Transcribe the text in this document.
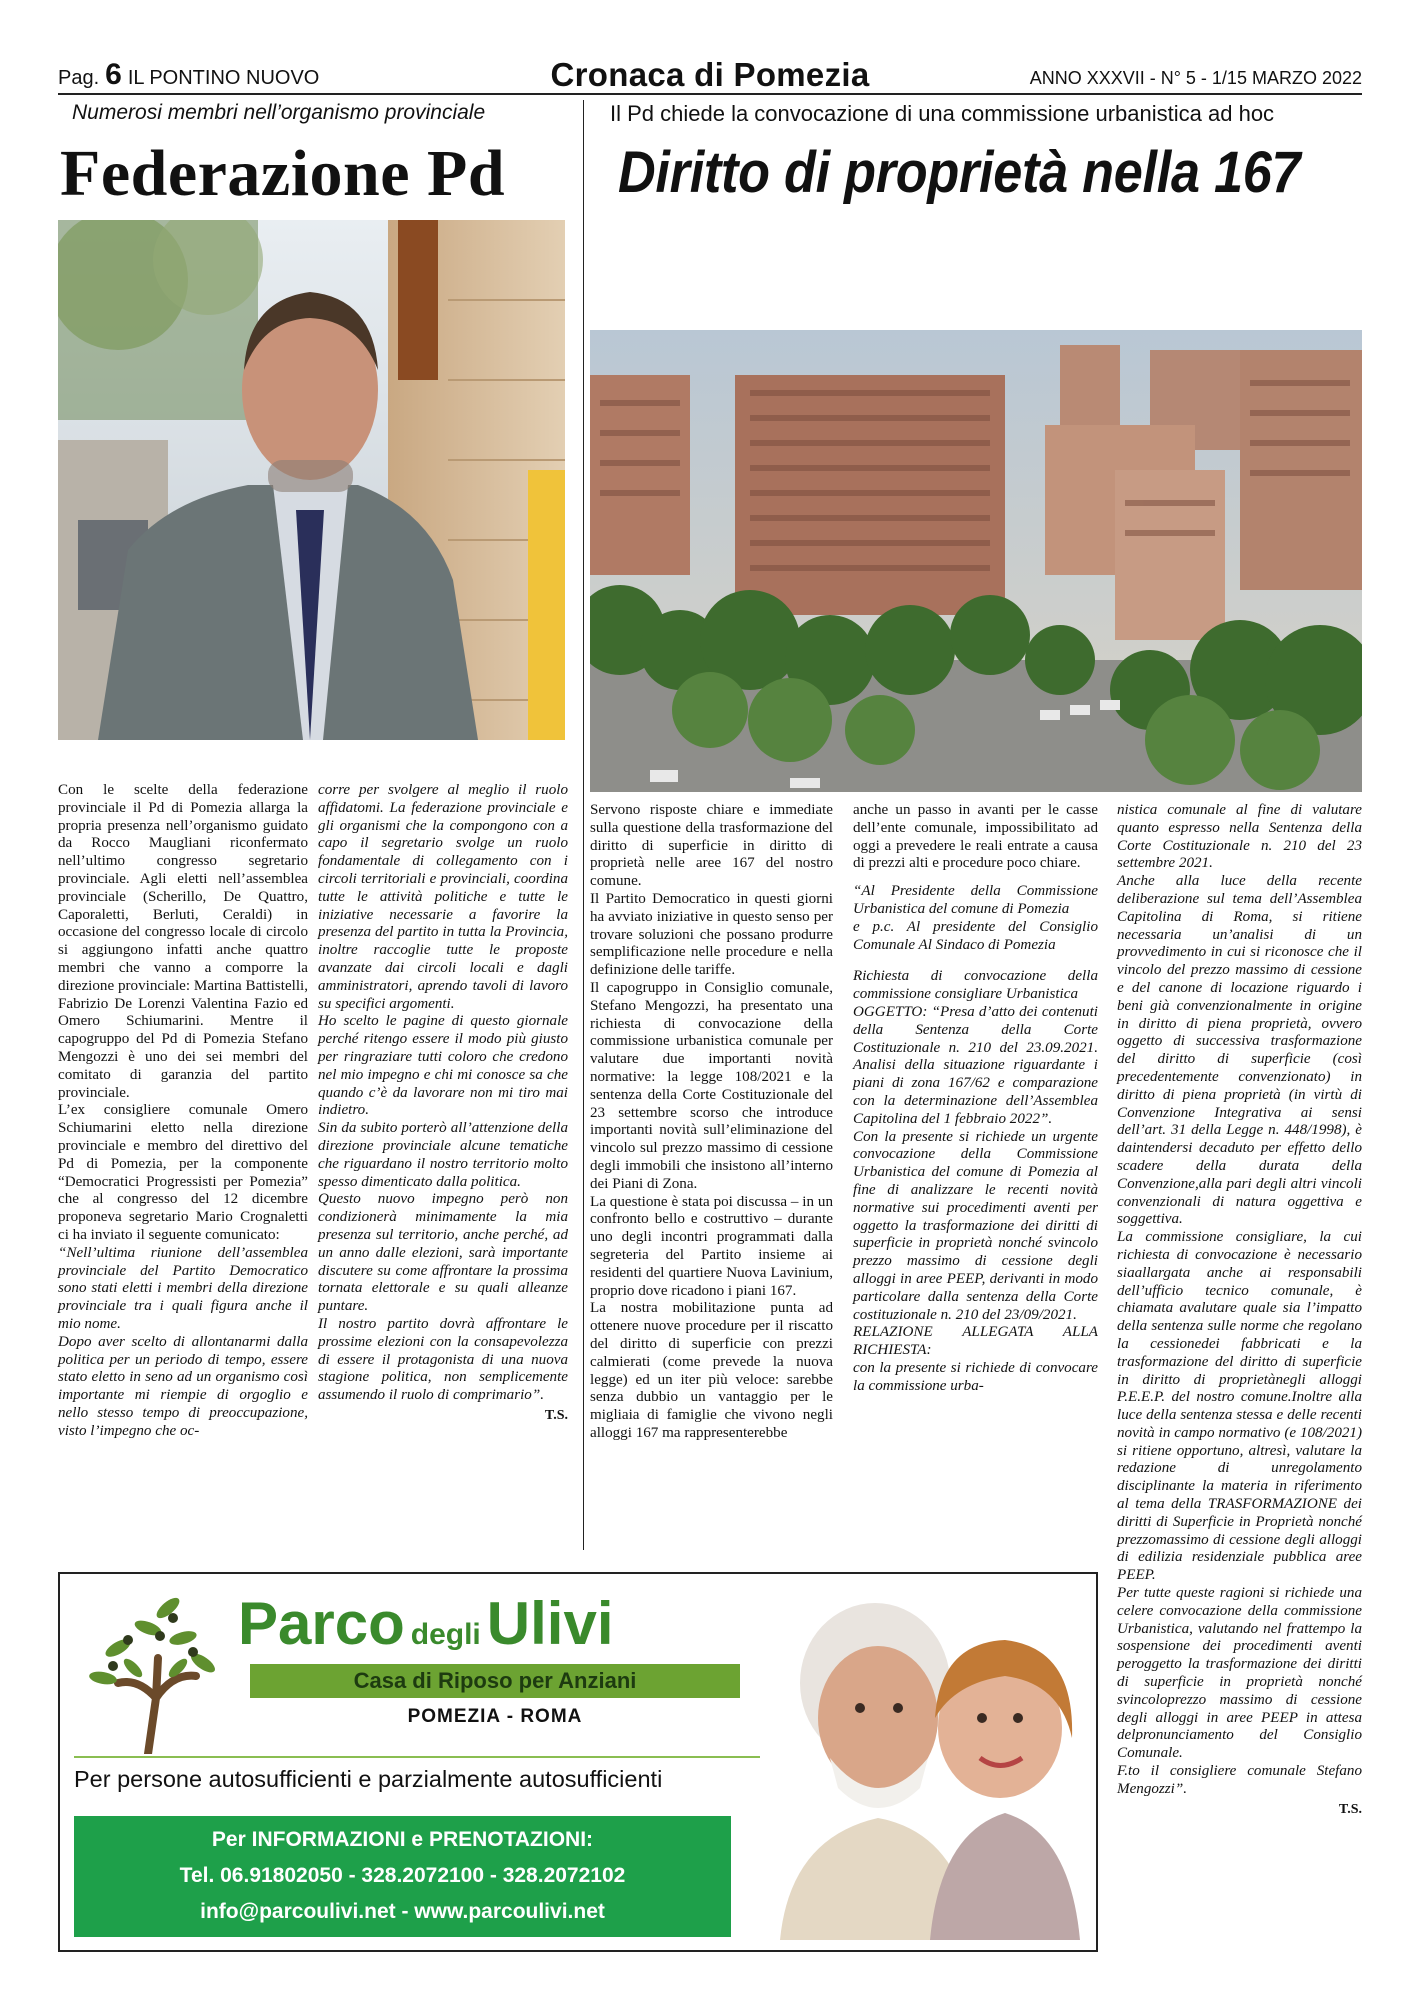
Pag. 6 IL PONTINO NUOVO	Cronaca di Pomezia	ANNO XXXVII - N° 5 - 1/15 MARZO 2022
Numerosi membri nell’organismo provinciale
Federazione Pd

Con le scelte della federazione provinciale il Pd di Pomezia allarga la propria presenza nell’organismo guidato da Rocco Maugliani riconfermato nell’ultimo congresso segretario provinciale. Agli eletti nell’assemblea provinciale (Scherillo, De Quattro, Caporaletti, Berluti, Ceraldi) in occasione del congresso locale di circolo si aggiungono infatti anche quattro membri che vanno a comporre la direzione provinciale: Martina Battistelli, Fabrizio De Lorenzi Valentina Fazio ed Omero Schiumarini. Mentre il capogruppo del Pd di Pomezia Stefano Mengozzi è uno dei sei membri del comitato di garanzia del partito provinciale.

L’ex consigliere comunale Omero Schiumarini eletto nella direzione provinciale e membro del direttivo del Pd di Pomezia, per la componente “Democratici Progressisti per Pomezia” che al congresso del 12 dicembre proponeva segretario Mario Crognaletti ci ha inviato il seguente comunicato:

“Nell’ultima riunione dell’assemblea provinciale del Partito Democratico sono stati eletti i membri della direzione provinciale tra i quali figura anche il mio nome.

Dopo aver scelto di allontanarmi dalla politica per un periodo di tempo, essere stato eletto in seno ad un organismo così importante mi riempie di orgoglio e nello stesso tempo di preoccupazione, visto l’impegno che oc-

corre per svolgere al meglio il ruolo affidatomi. La federazione provinciale e gli organismi che la compongono con a capo il segretario svolge un ruolo fondamentale di collegamento con i circoli territoriali e provinciali, coordina tutte le attività politiche e tutte le iniziative necessarie a favorire la presenza del partito in tutta la Provincia, inoltre raccoglie tutte le proposte avanzate dai circoli locali e dagli amministratori, aprendo tavoli di lavoro su specifici argomenti.

Ho scelto le pagine di questo giornale perché ritengo essere il modo più giusto per ringraziare tutti coloro che credono nel mio impegno e chi mi conosce sa che quando c’è da lavorare non mi tiro mai indietro.

Sin da subito porterò all’attenzione della direzione provinciale alcune tematiche che riguardano il nostro territorio molto spesso dimenticato dalla politica.

Questo nuovo impegno però non condizionerà minimamente la mia presenza sul territorio, anche perché, ad un anno dalle elezioni, sarà importante discutere su come affrontare la prossima tornata elettorale e su quali alleanze puntare.

Il nostro partito dovrà affrontare le prossime elezioni con la consapevolezza di essere il protagonista di una nuova stagione politica, non semplicemente assumendo il ruolo di comprimario”.

T.S.

Il Pd chiede la convocazione di una commissione urbanistica ad hoc
Diritto di proprietà nella 167

Servono risposte chiare e immediate sulla questione della trasformazione del diritto di superficie in diritto di proprietà nelle aree 167 del nostro comune.

Il Partito Democratico in questi giorni ha avviato iniziative in questo senso per trovare soluzioni che possano produrre semplificazione nelle procedure e nella definizione delle tariffe.

Il capogruppo in Consiglio comunale, Stefano Mengozzi, ha presentato una richiesta di convocazione della commissione urbanistica comunale per valutare due importanti novità normative: la legge 108/2021 e la sentenza della Corte Costituzionale del 23 settembre scorso che introduce importanti novità sull’eliminazione del vincolo sul prezzo massimo di cessione degli immobili che insistono all’interno dei Piani di Zona.

La questione è stata poi discussa – in un confronto bello e costruttivo – durante uno degli incontri programmati dalla segreteria del Partito insieme ai residenti del quartiere Nuova Lavinium, proprio dove ricadono i piani 167.

La nostra mobilitazione punta ad ottenere nuove procedure per il riscatto del diritto di superficie con prezzi calmierati (come prevede la nuova legge) ed un iter più veloce: sarebbe senza dubbio un vantaggio per le migliaia di famiglie che vivono negli alloggi 167 ma rappresenterebbe

anche un passo in avanti per le casse dell’ente comunale, impossibilitato ad oggi a prevedere le reali entrate a causa di prezzi alti e procedure poco chiare.

“Al Presidente della Commissione Urbanistica del comune di Pomezia

e p.c. Al presidente del Consiglio Comunale Al Sindaco di Pomezia

Richiesta di convocazione della commissione consigliare Urbanistica

OGGETTO: “Presa d’atto dei contenuti della Sentenza della Corte Costituzionale n. 210 del 23.09.2021. Analisi della situazione riguardante i piani di zona 167/62 e comparazione con la determinazione dell’Assemblea Capitolina del 1 febbraio 2022”.

Con la presente si richiede un urgente convocazione della Commissione Urbanistica del comune di Pomezia al fine di analizzare le recenti novità normative sui procedimenti aventi per oggetto la trasformazione dei diritti di superficie in proprietà nonché svincolo prezzo massimo di cessione degli alloggi in aree PEEP, derivanti in modo particolare dalla sentenza della Corte costituzionale n. 210 del 23/09/2021.

RELAZIONE ALLEGATA ALLA RICHIESTA:

con la presente si richiede di convocare la commissione urba-

nistica comunale al fine di valutare quanto espresso nella Sentenza della Corte Costituzionale n. 210 del 23 settembre 2021.

Anche alla luce della recente deliberazione sul tema dell’Assemblea Capitolina di Roma, si ritiene necessaria un’analisi di un provvedimento in cui si riconosce che il vincolo del prezzo massimo di cessione e del canone di locazione riguardo i beni già convenzionalmente in origine in diritto di piena proprietà, ovvero oggetto di successiva trasformazione del diritto di superficie (così precedentemente convenzionato) in diritto di piena proprietà (in virtù di Convenzione Integrativa ai sensi dell’art. 31 della Legge n. 448/1998), è daintendersi decaduto per effetto dello scadere della durata della Convenzione,alla pari degli altri vincoli convenzionali di natura oggettiva e soggettiva.

La commissione consigliare, la cui richiesta di convocazione è necessario siaallargata anche ai responsabili dell’ufficio tecnico comunale, è chiamata avalutare quale sia l’impatto della sentenza sulle norme che regolano la cessionedei fabbricati e la trasformazione del diritto di superficie in diritto di proprietànegli alloggi P.E.E.P. del nostro comune.Inoltre alla luce della sentenza stessa e delle recenti novità in campo normativo (e 108/2021) si ritiene opportuno, altresì, valutare la redazione di unregolamento disciplinante la materia in riferimento al tema della TRASFORMAZIONE dei diritti di Superficie in Proprietà nonché prezzomassimo di cessione degli alloggi di edilizia residenziale pubblica aree PEEP.

Per tutte queste ragioni si richiede una celere convocazione della commissione Urbanistica, valutando nel frattempo la sospensione dei procedimenti aventi peroggetto la trasformazione dei diritti di superficie in proprietà nonché svincoloprezzo massimo di cessione degli alloggi in aree PEEP in attesa delpronunciamento del Consiglio Comunale.

F.to il consigliere comunale Stefano Mengozzi”.

T.S.

Parco degli Ulivi
Casa di Riposo per Anziani
POMEZIA - ROMA
Per persone autosufficienti e parzialmente autosufficienti
Per INFORMAZIONI e PRENOTAZIONI:
Tel. 06.91802050 - 328.2072100 - 328.2072102
info@parcoulivi.net - www.parcoulivi.net
